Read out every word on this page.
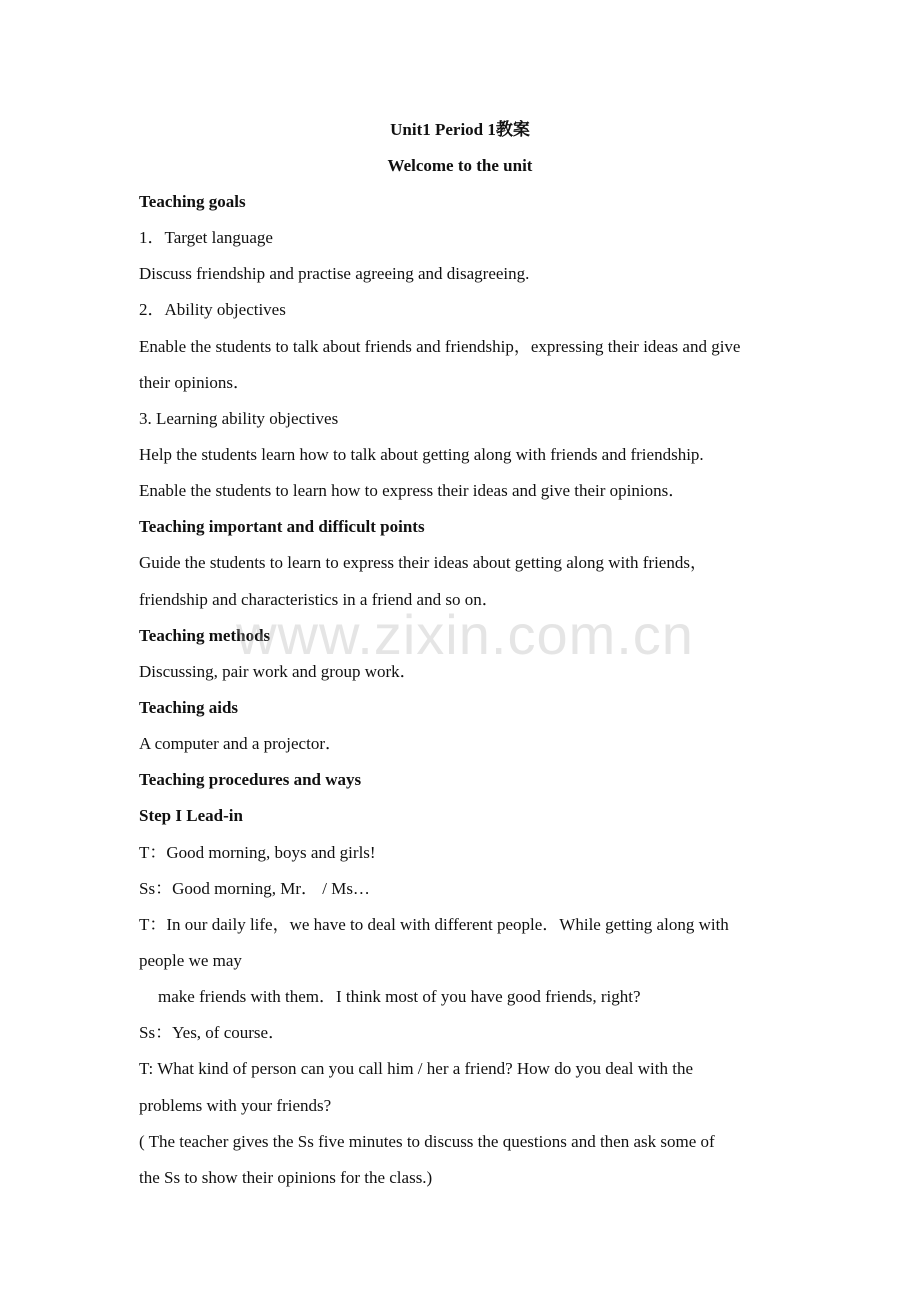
Unit1 Period 1教案
Welcome to the unit
Teaching goals
1．Target language
Discuss friendship and practise agreeing and disagreeing.
2．Ability objectives
Enable the students to talk about friends and friendship，expressing their ideas and give
their opinions．
3. Learning ability objectives
Help the students learn how to talk about getting along with friends and friendship.
Enable the students to learn how to express their ideas and give their opinions．
Teaching important and difficult points
Guide the students to learn to express their ideas about getting along with friends，
friendship and characteristics in a friend and so on．
Teaching methods
Discussing, pair work and group work．
Teaching aids
A computer and a projector．
Teaching procedures and ways
Step I Lead-in
T：Good morning, boys and girls!
Ss：Good morning, Mr． / Ms…
T：In our daily life，we have to deal with different people．While getting along with
people we may
make friends with them．I think most of you have good friends, right?
Ss：Yes, of course．
T: What kind of person can you call him / her a friend? How do you deal with the
problems with your friends?
( The teacher gives the Ss five minutes to discuss the questions and then ask some of
the Ss to show their opinions for the class.)
www.zixin.com.cn
